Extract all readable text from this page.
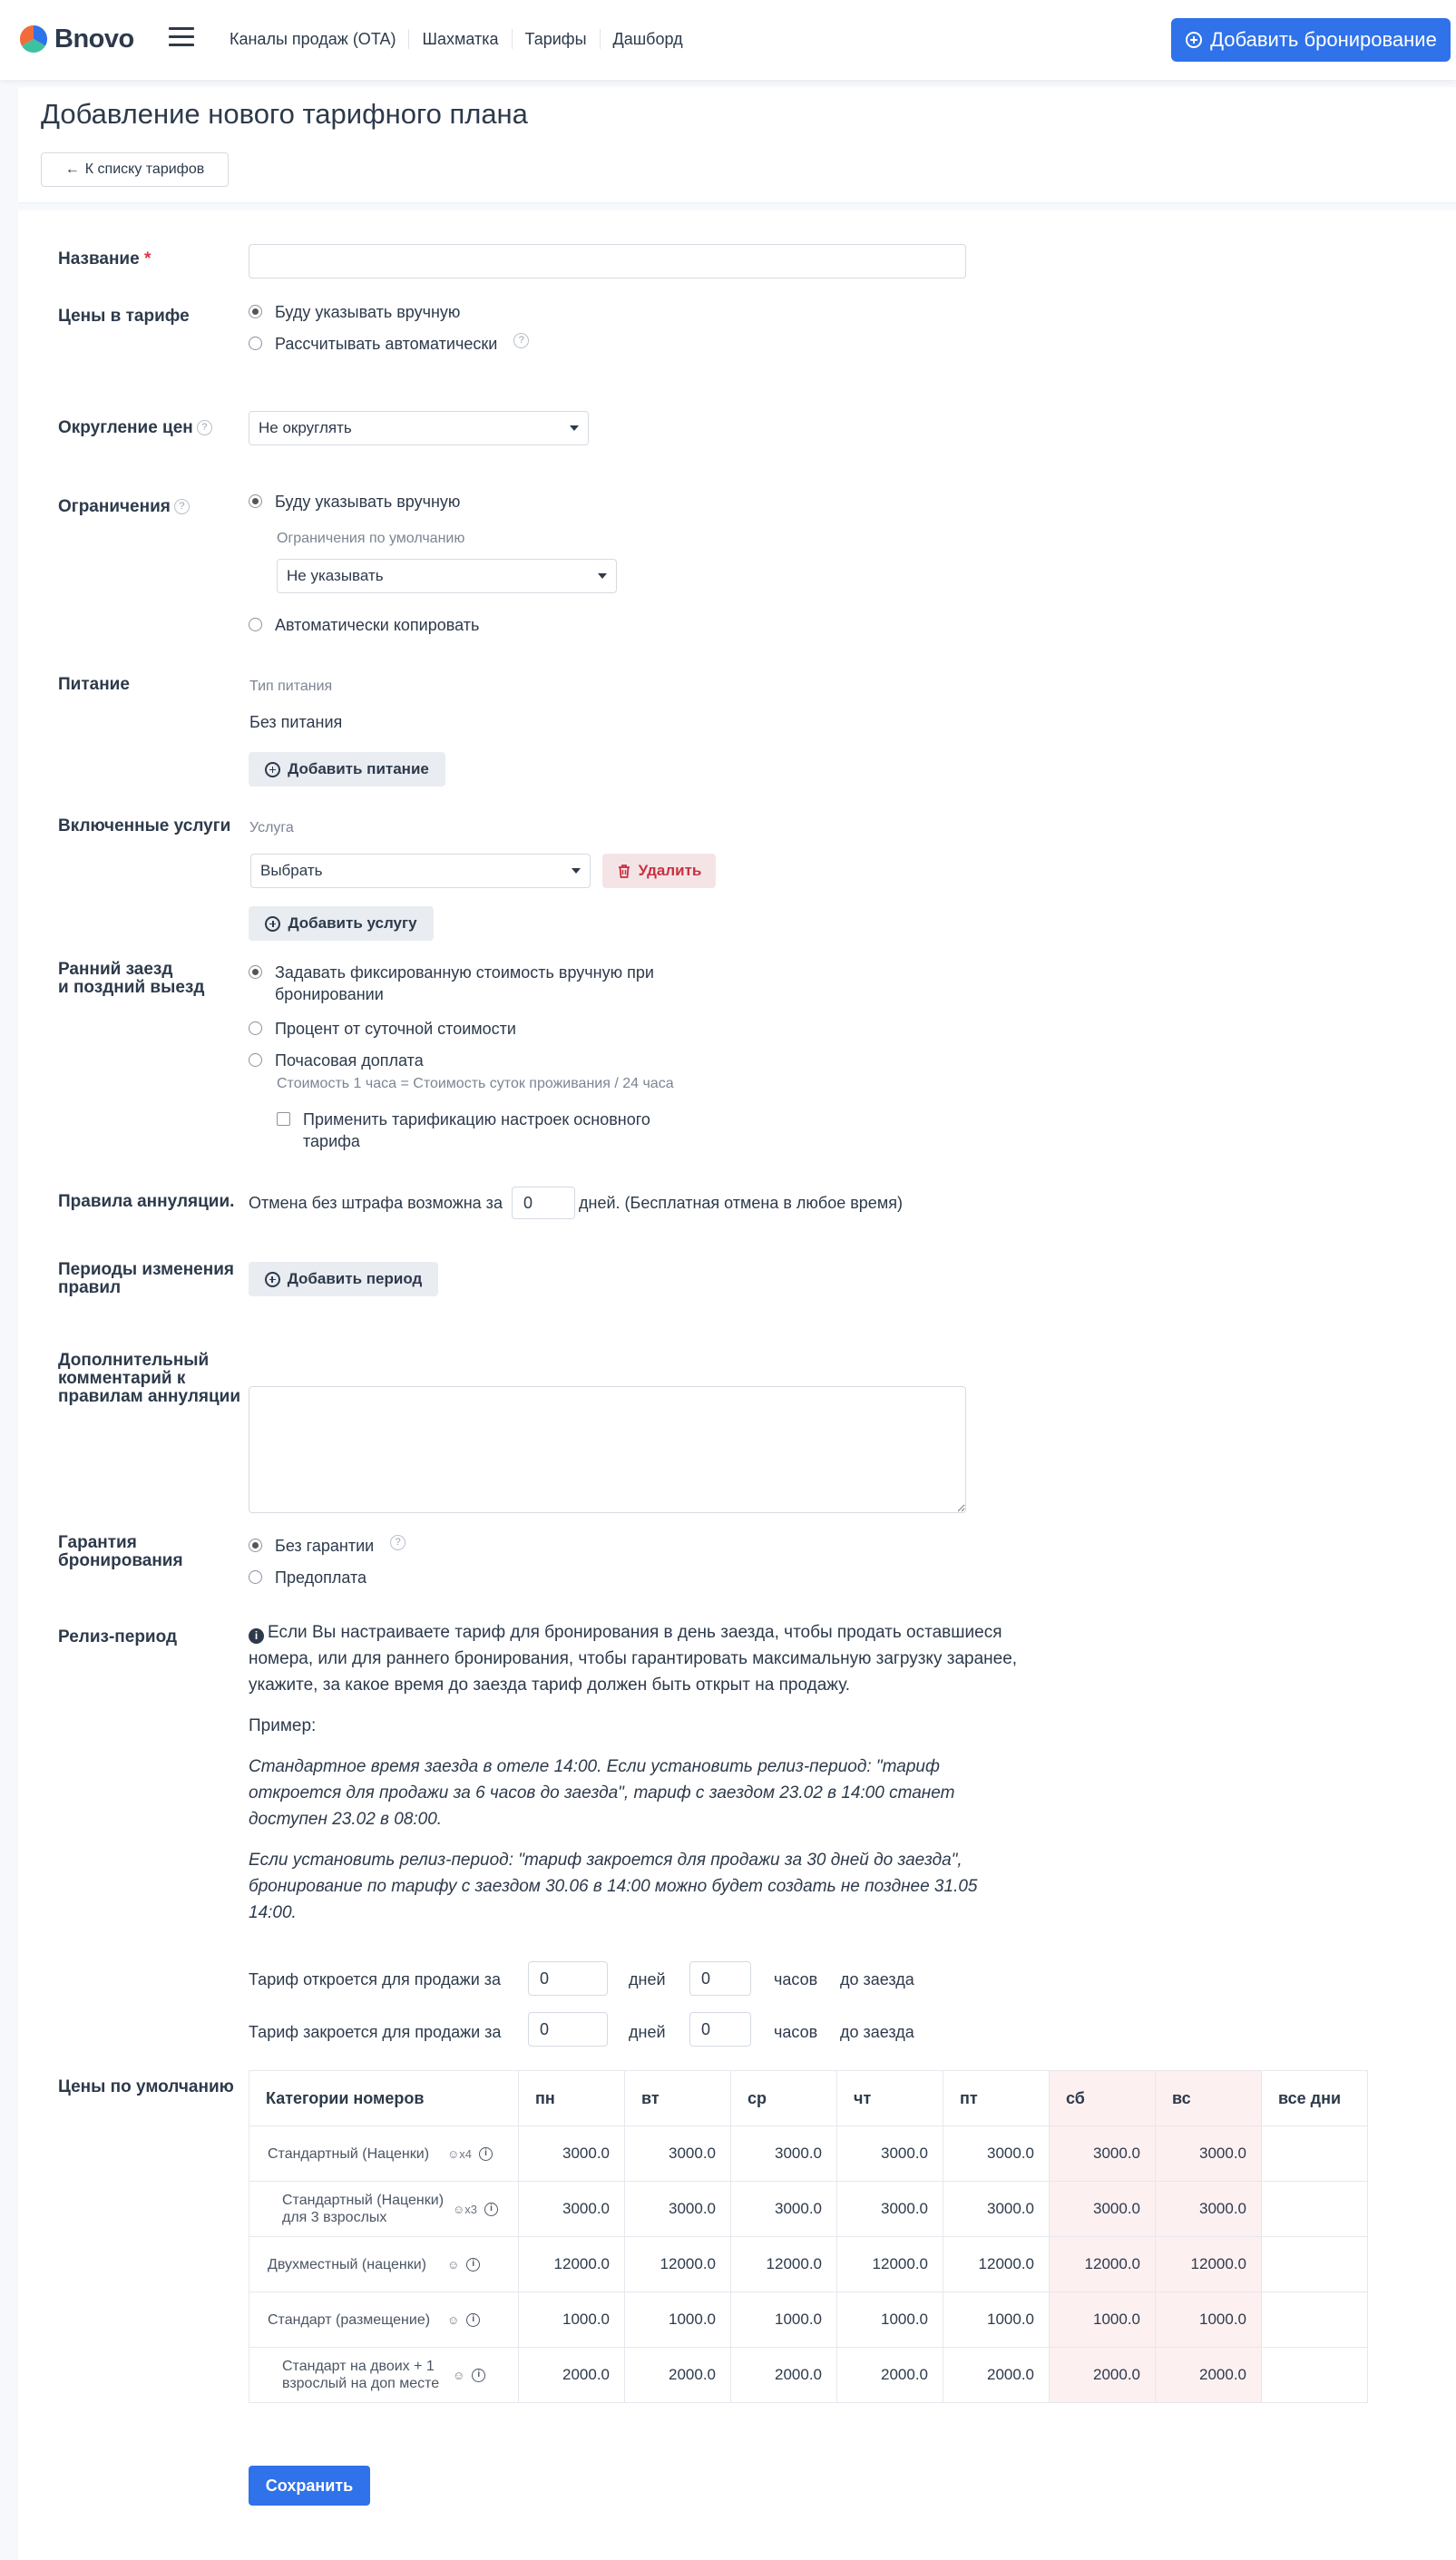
Bnovo	Каналы продаж (OTA)	Шахматка	Тарифы	Дашборд	Добавить бронирование
Добавление нового тарифного плана
← К списку тарифов
Название *
Цены в тарифе	Буду указывать вручную
Рассчитывать автоматически	?
Округление цен ?	Не округлять
Ограничения ?	Буду указывать вручную
Ограничения по умолчанию
Не указывать
Автоматически копировать
Питание	Тип питания
Без питания
Добавить питание
Включенные услуги Услуга
Выбрать	Удалить
Добавить услугу
Ранний заезд
и поздний выезд
Задавать фиксированную стоимость вручную при бронировании
Процент от суточной стоимости
Почасовая доплата
Стоимость 1 часа = Стоимость суток проживания / 24 часа
Применить тарификацию настроек основного тарифа
Правила аннуляции. Отмена без штрафа возможна за
0	дней. (Бесплатная отмена в любое время)
Периоды изменения
правил	Добавить период
Дополнительный
комментарий к
правилам аннуляции
Гарантия
бронирования
Без гарантии	?
Предоплата
Релиз-период	i Если Вы настраиваете тариф для бронирования в день заезда, чтобы продать оставшиеся номера, или для раннего бронирования, чтобы гарантировать максимальную загрузку заранее, укажите, за какое время до заезда тариф должен быть открыт на продажу.

Пример:

Стандартное время заезда в отеле 14:00. Если установить релиз-период: "тариф откроется для продажи за 6 часов до заезда", тариф с заездом 23.02 в 14:00 станет доступен 23.02 в 08:00.

Если установить релиз-период: "тариф закроется для продажи за 30 дней до заезда", бронирование по тарифу с заездом 30.06 в 14:00 можно будет создать не позднее 31.05 14:00.

Тариф откроется для продажи за
0	дней
0	часов до заезда
Тариф закроется для продажи за
0	дней
0	часов до заезда
Цены по умолчанию
Категории номеров	пн	вт	ср	чт	пт	сб	вс	все дни

Стандартный (Наценки) ☺x4 i	3000.0	3000.0	3000.0	3000.0	3000.0	3000.0	3000.0	

Стандартный (Наценки) для 3 взрослых
☺x3 i	3000.0	3000.0	3000.0	3000.0	3000.0	3000.0	3000.0	

Двухместный (наценки) ☺ i	12000.0	12000.0	12000.0	12000.0	12000.0	12000.0	12000.0	

Стандарт (размещение) ☺ i	1000.0	1000.0	1000.0	1000.0	1000.0	1000.0	1000.0	

Стандарт на двоих + 1 взрослый на доп месте
☺ i	2000.0	2000.0	2000.0	2000.0	2000.0	2000.0	2000.0	
Сохранить
